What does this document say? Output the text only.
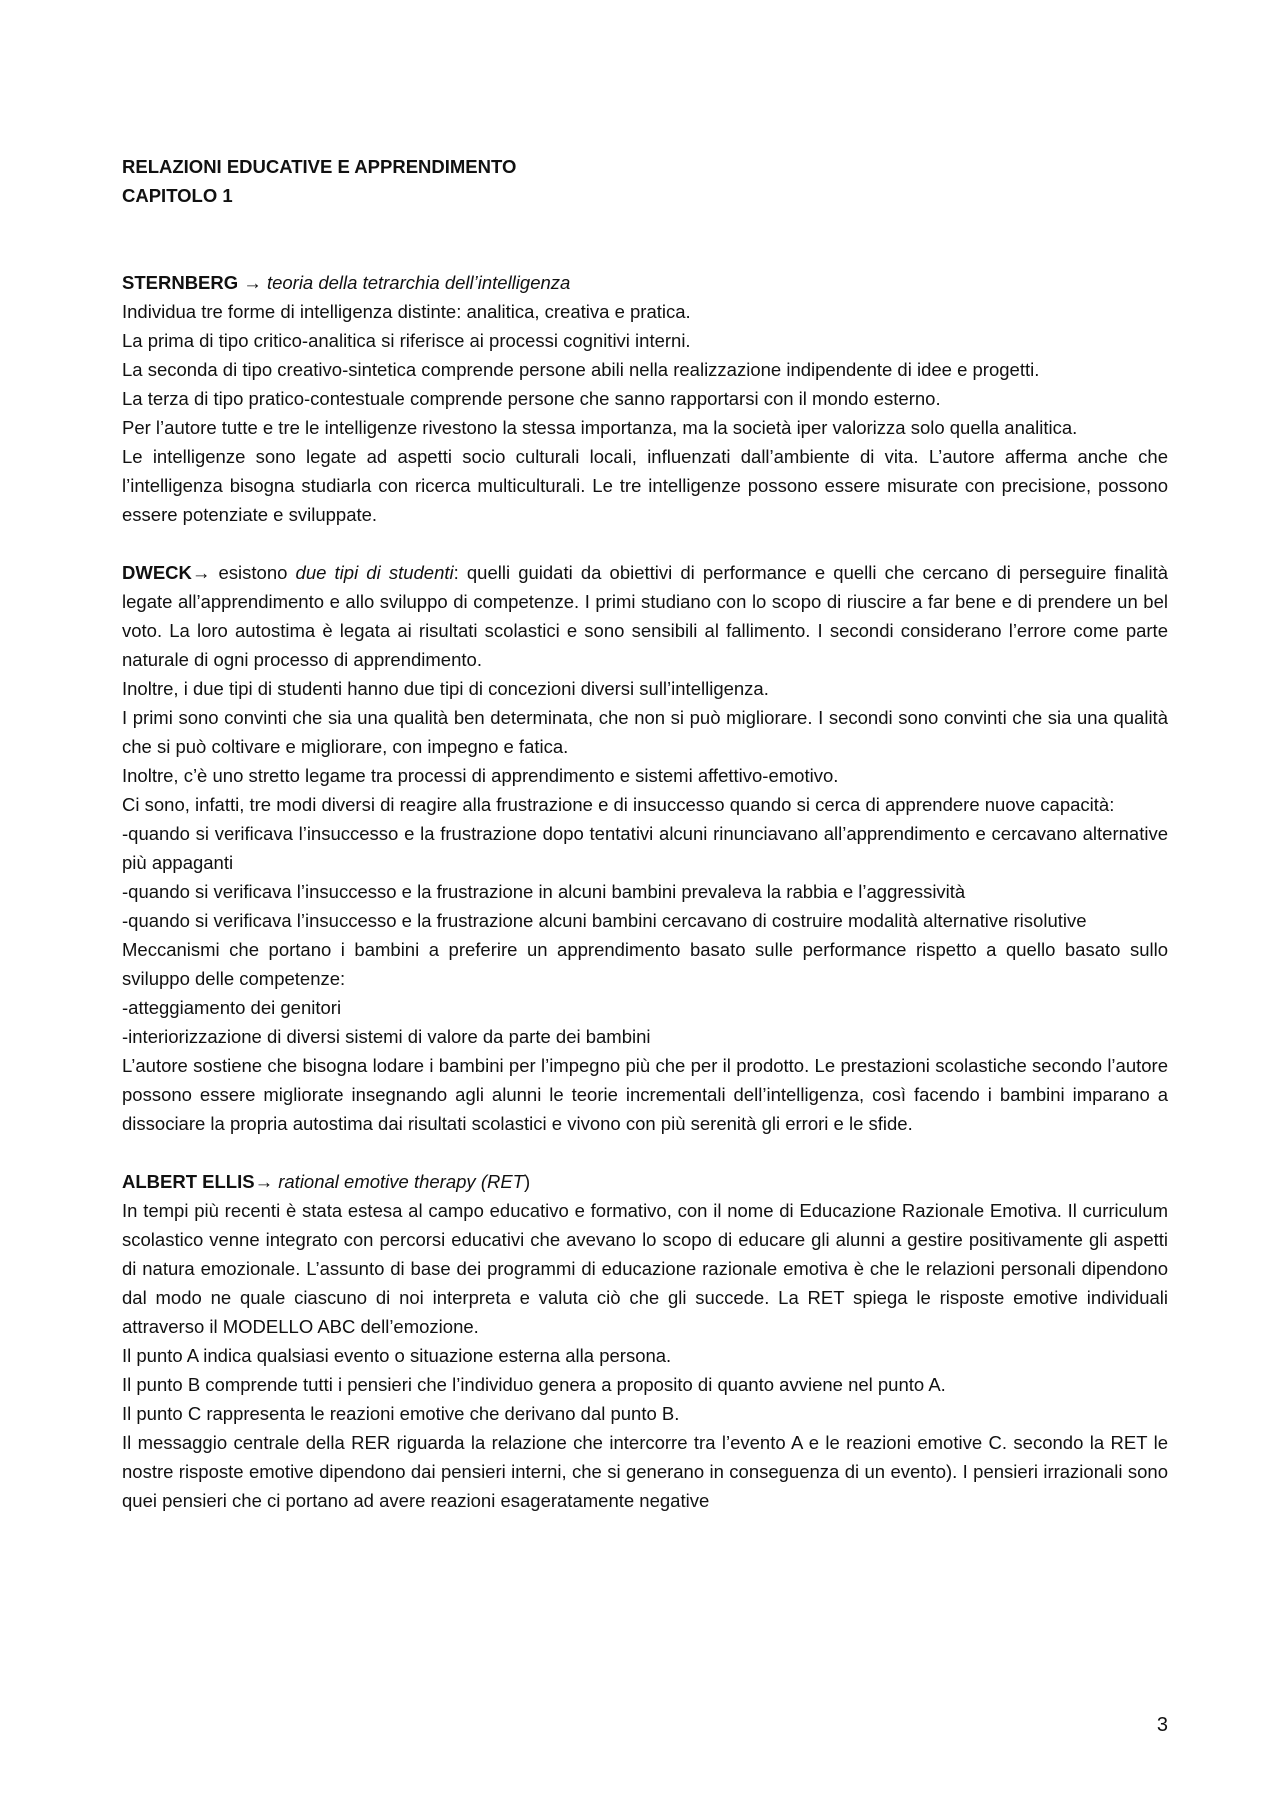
RELAZIONI EDUCATIVE E APPRENDIMENTO

CAPITOLO 1

STERNBERG → teoria della tetrarchia dell’intelligenza

Individua tre forme di intelligenza distinte: analitica, creativa e pratica.

La prima di tipo critico-analitica si riferisce ai processi cognitivi interni.

La seconda di tipo creativo-sintetica comprende persone abili nella realizzazione indipendente di idee e progetti.

La terza di tipo pratico-contestuale comprende persone che sanno rapportarsi con il mondo esterno.

Per l’autore tutte e tre le intelligenze rivestono la stessa importanza, ma la società iper valorizza solo quella analitica.

Le intelligenze sono legate ad aspetti socio culturali locali, influenzati dall’ambiente di vita. L’autore afferma anche che l’intelligenza bisogna studiarla con ricerca multiculturali. Le tre intelligenze possono essere misurate con precisione, possono essere potenziate e sviluppate.

DWECK→ esistono due tipi di studenti: quelli guidati da obiettivi di performance e quelli che cercano di perseguire finalità legate all’apprendimento e allo sviluppo di competenze. I primi studiano con lo scopo di riuscire a far bene e di prendere un bel voto. La loro autostima è legata ai risultati scolastici e sono sensibili al fallimento. I secondi considerano l’errore come parte naturale di ogni processo di apprendimento.

Inoltre, i due tipi di studenti hanno due tipi di concezioni diversi sull’intelligenza.

I primi sono convinti che sia una qualità ben determinata, che non si può migliorare. I secondi sono convinti che sia una qualità che si può coltivare e migliorare, con impegno e fatica.

Inoltre, c’è uno stretto legame tra processi di apprendimento e sistemi affettivo-emotivo.

Ci sono, infatti, tre modi diversi di reagire alla frustrazione e di insuccesso quando si cerca di apprendere nuove capacità:

-quando si verificava l’insuccesso e la frustrazione dopo tentativi alcuni rinunciavano all’apprendimento e cercavano alternative più appaganti

-quando si verificava l’insuccesso e la frustrazione in alcuni bambini prevaleva la rabbia e l’aggressività

-quando si verificava l’insuccesso e la frustrazione alcuni bambini cercavano di costruire modalità alternative risolutive

Meccanismi che portano i bambini a preferire un apprendimento basato sulle performance rispetto a quello basato sullo sviluppo delle competenze:

-atteggiamento dei genitori

-interiorizzazione di diversi sistemi di valore da parte dei bambini

L’autore sostiene che bisogna lodare i bambini per l’impegno più che per il prodotto. Le prestazioni scolastiche secondo l’autore possono essere migliorate insegnando agli alunni le teorie incrementali dell’intelligenza, così facendo i bambini imparano a dissociare la propria autostima dai risultati scolastici e vivono con più serenità gli errori e le sfide.

ALBERT ELLIS→ rational emotive therapy (RET)

In tempi più recenti è stata estesa al campo educativo e formativo, con il nome di Educazione Razionale Emotiva. Il curriculum scolastico venne integrato con percorsi educativi che avevano lo scopo di educare gli alunni a gestire positivamente gli aspetti di natura emozionale. L’assunto di base dei programmi di educazione razionale emotiva è che le relazioni personali dipendono dal modo ne quale ciascuno di noi interpreta e valuta ciò che gli succede. La RET spiega le risposte emotive individuali attraverso il MODELLO ABC dell’emozione.

Il punto A indica qualsiasi evento o situazione esterna alla persona.

Il punto B comprende tutti i pensieri che l’individuo genera a proposito di quanto avviene nel punto A.

Il punto C rappresenta le reazioni emotive che derivano dal punto B.

Il messaggio centrale della RER riguarda la relazione che intercorre tra l’evento A e le reazioni emotive C. secondo la RET le nostre risposte emotive dipendono dai pensieri interni, che si generano in conseguenza di un evento). I pensieri irrazionali sono quei pensieri che ci portano ad avere reazioni esageratamente negative

3
